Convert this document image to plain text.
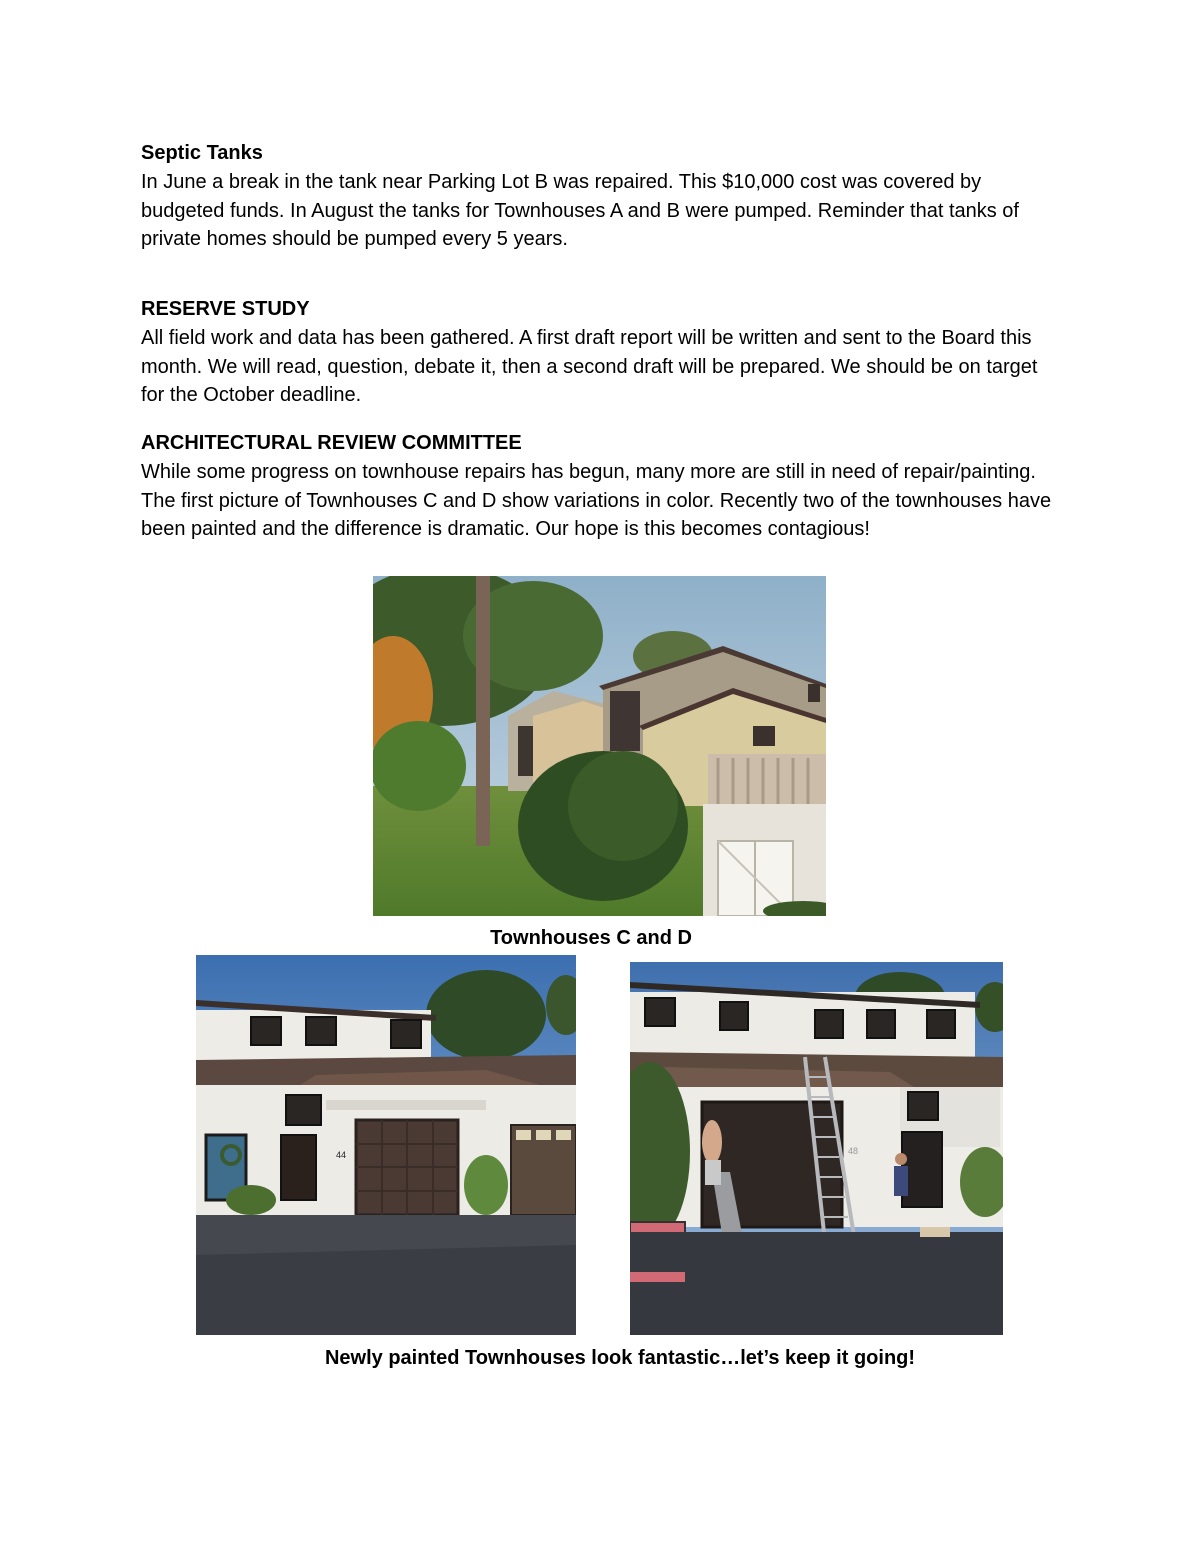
Septic Tanks
In June a break in the tank near Parking Lot B was repaired. This $10,000 cost was covered by budgeted funds. In August the tanks for Townhouses A and B were pumped. Reminder that tanks of private homes should be pumped every 5 years.
RESERVE STUDY
All field work and data has been gathered. A first draft report will be written and sent to the Board this month. We will read, question, debate it, then a second draft will be prepared. We should be on target for the October deadline.
ARCHITECTURAL REVIEW COMMITTEE
While some progress on townhouse repairs has begun, many more are still in need of repair/painting. The first picture of Townhouses C and D show variations in color. Recently two of the townhouses have been painted and the difference is dramatic. Our hope is this becomes contagious!
Townhouses C and D
44	48
Newly painted Townhouses look fantastic…let’s keep it going!
